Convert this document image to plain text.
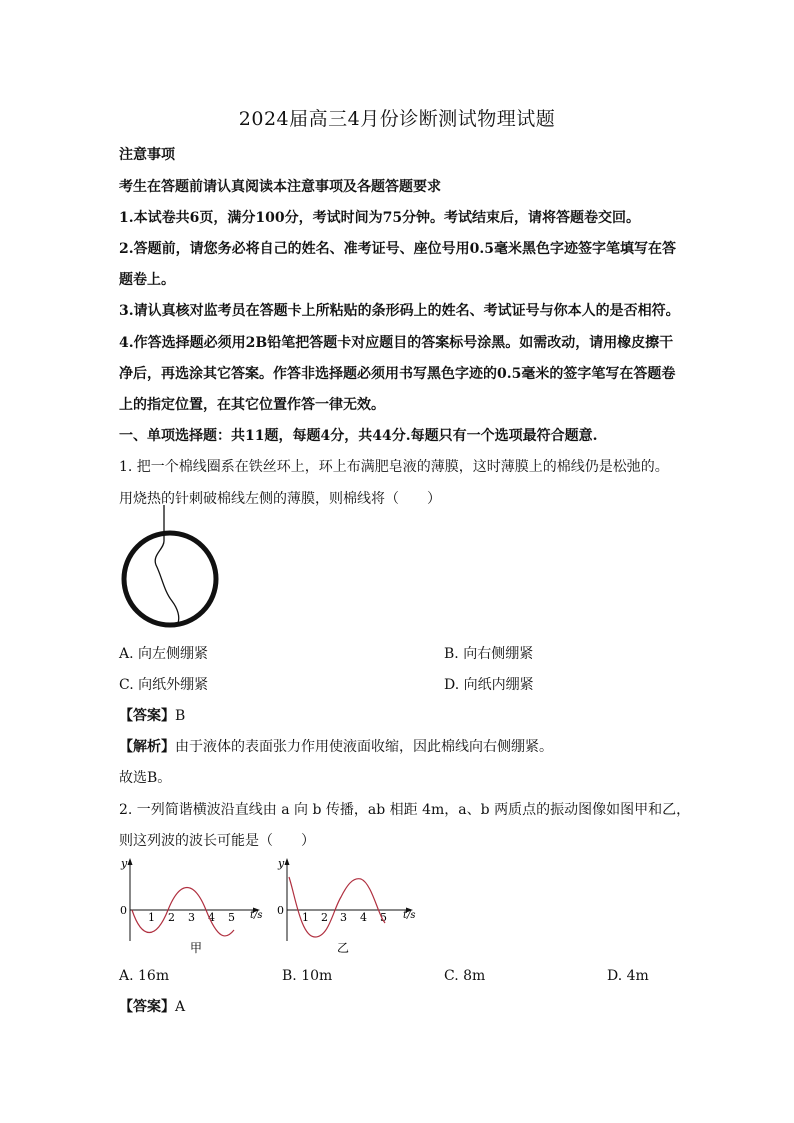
2024届高三4月份诊断测试物理试题
注意事项
考生在答题前请认真阅读本注意事项及各题答题要求
1.本试卷共6页，满分100分，考试时间为75分钟。考试结束后，请将答题卷交回。
2.答题前，请您务必将自己的姓名、准考证号、座位号用0.5毫米黑色字迹签字笔填写在答
题卷上。
3.请认真核对监考员在答题卡上所粘贴的条形码上的姓名、考试证号与你本人的是否相符。
4.作答选择题必须用2B铅笔把答题卡对应题目的答案标号涂黑。如需改动，请用橡皮擦干
净后，再选涂其它答案。作答非选择题必须用书写黑色字迹的0.5毫米的签字笔写在答题卷
上的指定位置，在其它位置作答一律无效。
一、单项选择题：共11题，每题4分，共44分.每题只有一个选项最符合题意.
1. 把一个棉线圈系在铁丝环上，环上布满肥皂液的薄膜，这时薄膜上的棉线仍是松弛的。
用烧热的针刺破棉线左侧的薄膜，则棉线将（　　）
A. 向左侧绷紧	B. 向右侧绷紧
C. 向纸外绷紧	D. 向纸内绷紧
【答案】B
【解析】由于液体的表面张力作用使液面收缩，因此棉线向右侧绷紧。
故选B。
2. 一列简谐横波沿直线由 a 向 b 传播，ab 相距 4m，a、b 两质点的振动图像如图甲和乙，
则这列波的波长可能是（　　）
y
0
1 2 3 4 5 t/s
甲
y
0
1 2 3 4 5 t/s
乙
A. 16m	B. 10m	C. 8m	D. 4m
【答案】A
